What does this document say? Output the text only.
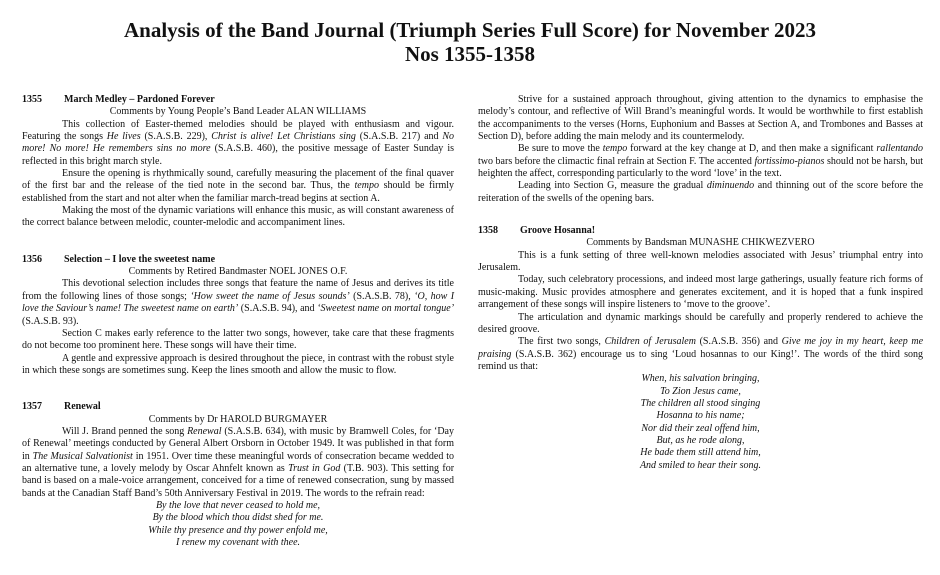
Analysis of the Band Journal (Triumph Series Full Score) for November 2023
Nos 1355-1358
1355 March Medley – Pardoned Forever
Comments by Young People’s Band Leader ALAN WILLIAMS

This collection of Easter-themed melodies should be played with enthusiasm and vigour. Featuring the songs He lives (S.A.S.B. 229), Christ is alive! Let Christians sing (S.A.S.B. 217) and No more! No more! He remembers sins no more (S.A.S.B. 460), the positive message of Easter Sunday is reflected in this bright march style.

Ensure the opening is rhythmically sound, carefully measuring the placement of the final quaver of the first bar and the release of the tied note in the second bar. Thus, the tempo should be firmly established from the start and not alter when the familiar march-tread begins at section A.

Making the most of the dynamic variations will enhance this music, as will constant awareness of the correct balance between melodic, counter-melodic and accompaniment lines.

1356 Selection – I love the sweetest name
Comments by Retired Bandmaster NOEL JONES O.F.

This devotional selection includes three songs that feature the name of Jesus and derives its title from the following lines of those songs; ‘How sweet the name of Jesus sounds’ (S.A.S.B. 78), ‘O, how I love the Saviour’s name! The sweetest name on earth’ (S.A.S.B. 94), and ‘Sweetest name on mortal tongue’ (S.A.S.B. 93).

Section C makes early reference to the latter two songs, however, take care that these fragments do not become too prominent here. These songs will have their time.

A gentle and expressive approach is desired throughout the piece, in contrast with the robust style in which these songs are sometimes sung. Keep the lines smooth and allow the music to flow.

1357 Renewal
Comments by Dr HAROLD BURGMAYER

Will J. Brand penned the song Renewal (S.A.S.B. 634), with music by Bramwell Coles, for ‘Day of Renewal’ meetings conducted by General Albert Orsborn in October 1949. It was published in that form in The Musical Salvationist in 1951. Over time these meaningful words of consecration became wedded to an alternative tune, a lovely melody by Oscar Ahnfelt known as Trust in God (T.B. 903). This setting for band is based on a male-voice arrangement, conceived for a time of renewed consecration, sung by massed bands at the Canadian Staff Band’s 50th Anniversary Festival in 2019. The words to the refrain read:

By the love that never ceased to hold me,
By the blood which thou didst shed for me.
While thy presence and thy power enfold me,
I renew my covenant with thee.

Strive for a sustained approach throughout, giving attention to the dynamics to emphasise the melody’s contour, and reflective of Will Brand’s meaningful words. It would be worthwhile to first establish the accompaniments to the verses (Horns, Euphonium and Basses at Section A, and Trombones and Basses at Section D), before adding the main melody and its countermelody.

Be sure to move the tempo forward at the key change at D, and then make a significant rallentando two bars before the climactic final refrain at Section F. The accented fortissimo-pianos should not be harsh, but heighten the affect, corresponding particularly to the word ‘love’ in the text.

Leading into Section G, measure the gradual diminuendo and thinning out of the score before the reiteration of the swells of the opening bars.

1358 Groove Hosanna!
Comments by Bandsman MUNASHE CHIKWEZVERO

This is a funk setting of three well-known melodies associated with Jesus’ triumphal entry into Jerusalem.

Today, such celebratory processions, and indeed most large gatherings, usually feature rich forms of music-making. Music provides atmosphere and generates excitement, and it is hoped that a funk inspired arrangement of these songs will inspire listeners to ‘move to the groove’.

The articulation and dynamic markings should be carefully and properly rendered to achieve the desired groove.

The first two songs, Children of Jerusalem (S.A.S.B. 356) and Give me joy in my heart, keep me praising (S.A.S.B. 362) encourage us to sing ‘Loud hosannas to our King!’. The words of the third song remind us that:

When, his salvation bringing,
To Zion Jesus came,
The children all stood singing
Hosanna to his name;
Nor did their zeal offend him,
But, as he rode along,
He bade them still attend him,
And smiled to hear their song.
